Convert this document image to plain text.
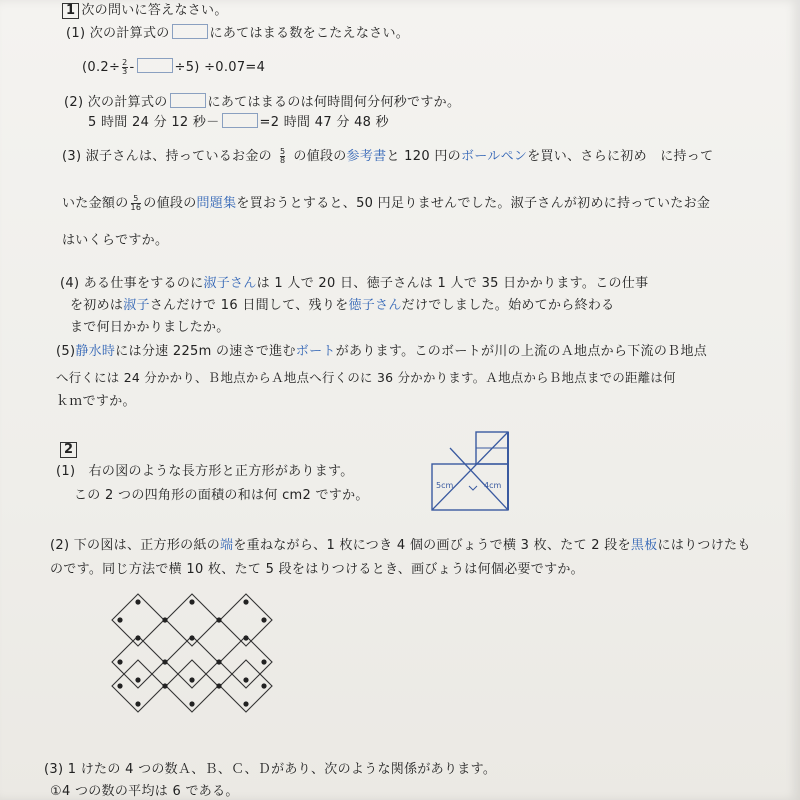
1 次の問いに答えなさい。
(1) 次の計算式の	にあてはまる数をこたえなさい。
($0.2\div \frac{2}{3}$ -	÷5) ÷0.07=4
(2) 次の計算式の	にあてはまるのは何時間何分何秒ですか。
5 時間 24 分 12 秒－	=2 時間 47 分 48 秒
(3) 淑子さんは、持っているお金の $\frac{5}{8}$ の値段の参考書と 120 円のボールペンを買い、さらに初め　に持って
いた金額の $\frac{5}{16}$ の値段の問題集を買おうとすると、50 円足りませんでした。淑子さんが初めに持っていたお金
はいくらですか。
(4) ある仕事をするのに淑子さんは 1 人で 20 日、徳子さんは 1 人で 35 日かかります。この仕事
を初めは淑子さんだけで 16 日間して、残りを徳子さんだけでしました。始めてから終わる
まで何日かかりましたか。
(5)静水時には分速 225m の速さで進むボートがあります。このボートが川の上流のＡ地点から下流のＢ地点
へ行くには 24 分かかり、Ｂ地点からＡ地点へ行くのに 36 分かかります。Ａ地点からＢ地点までの距離は何
ｋｍですか。
2
(1)　右の図のような長方形と正方形があります。
この 2 つの四角形の面積の和は何 cm2 ですか。
5cm	4cm
(2) 下の図は、正方形の紙の端を重ねながら、1 枚につき 4 個の画びょうで横 3 枚、たて 2 段を黒板にはりつけたも
のです。同じ方法で横 10 枚、たて 5 段をはりつけるとき、画びょうは何個必要ですか。
(3) 1 けたの 4 つの数Ａ、Ｂ、Ｃ、Ｄがあり、次のような関係があります。
①4 つの数の平均は 6 である。
